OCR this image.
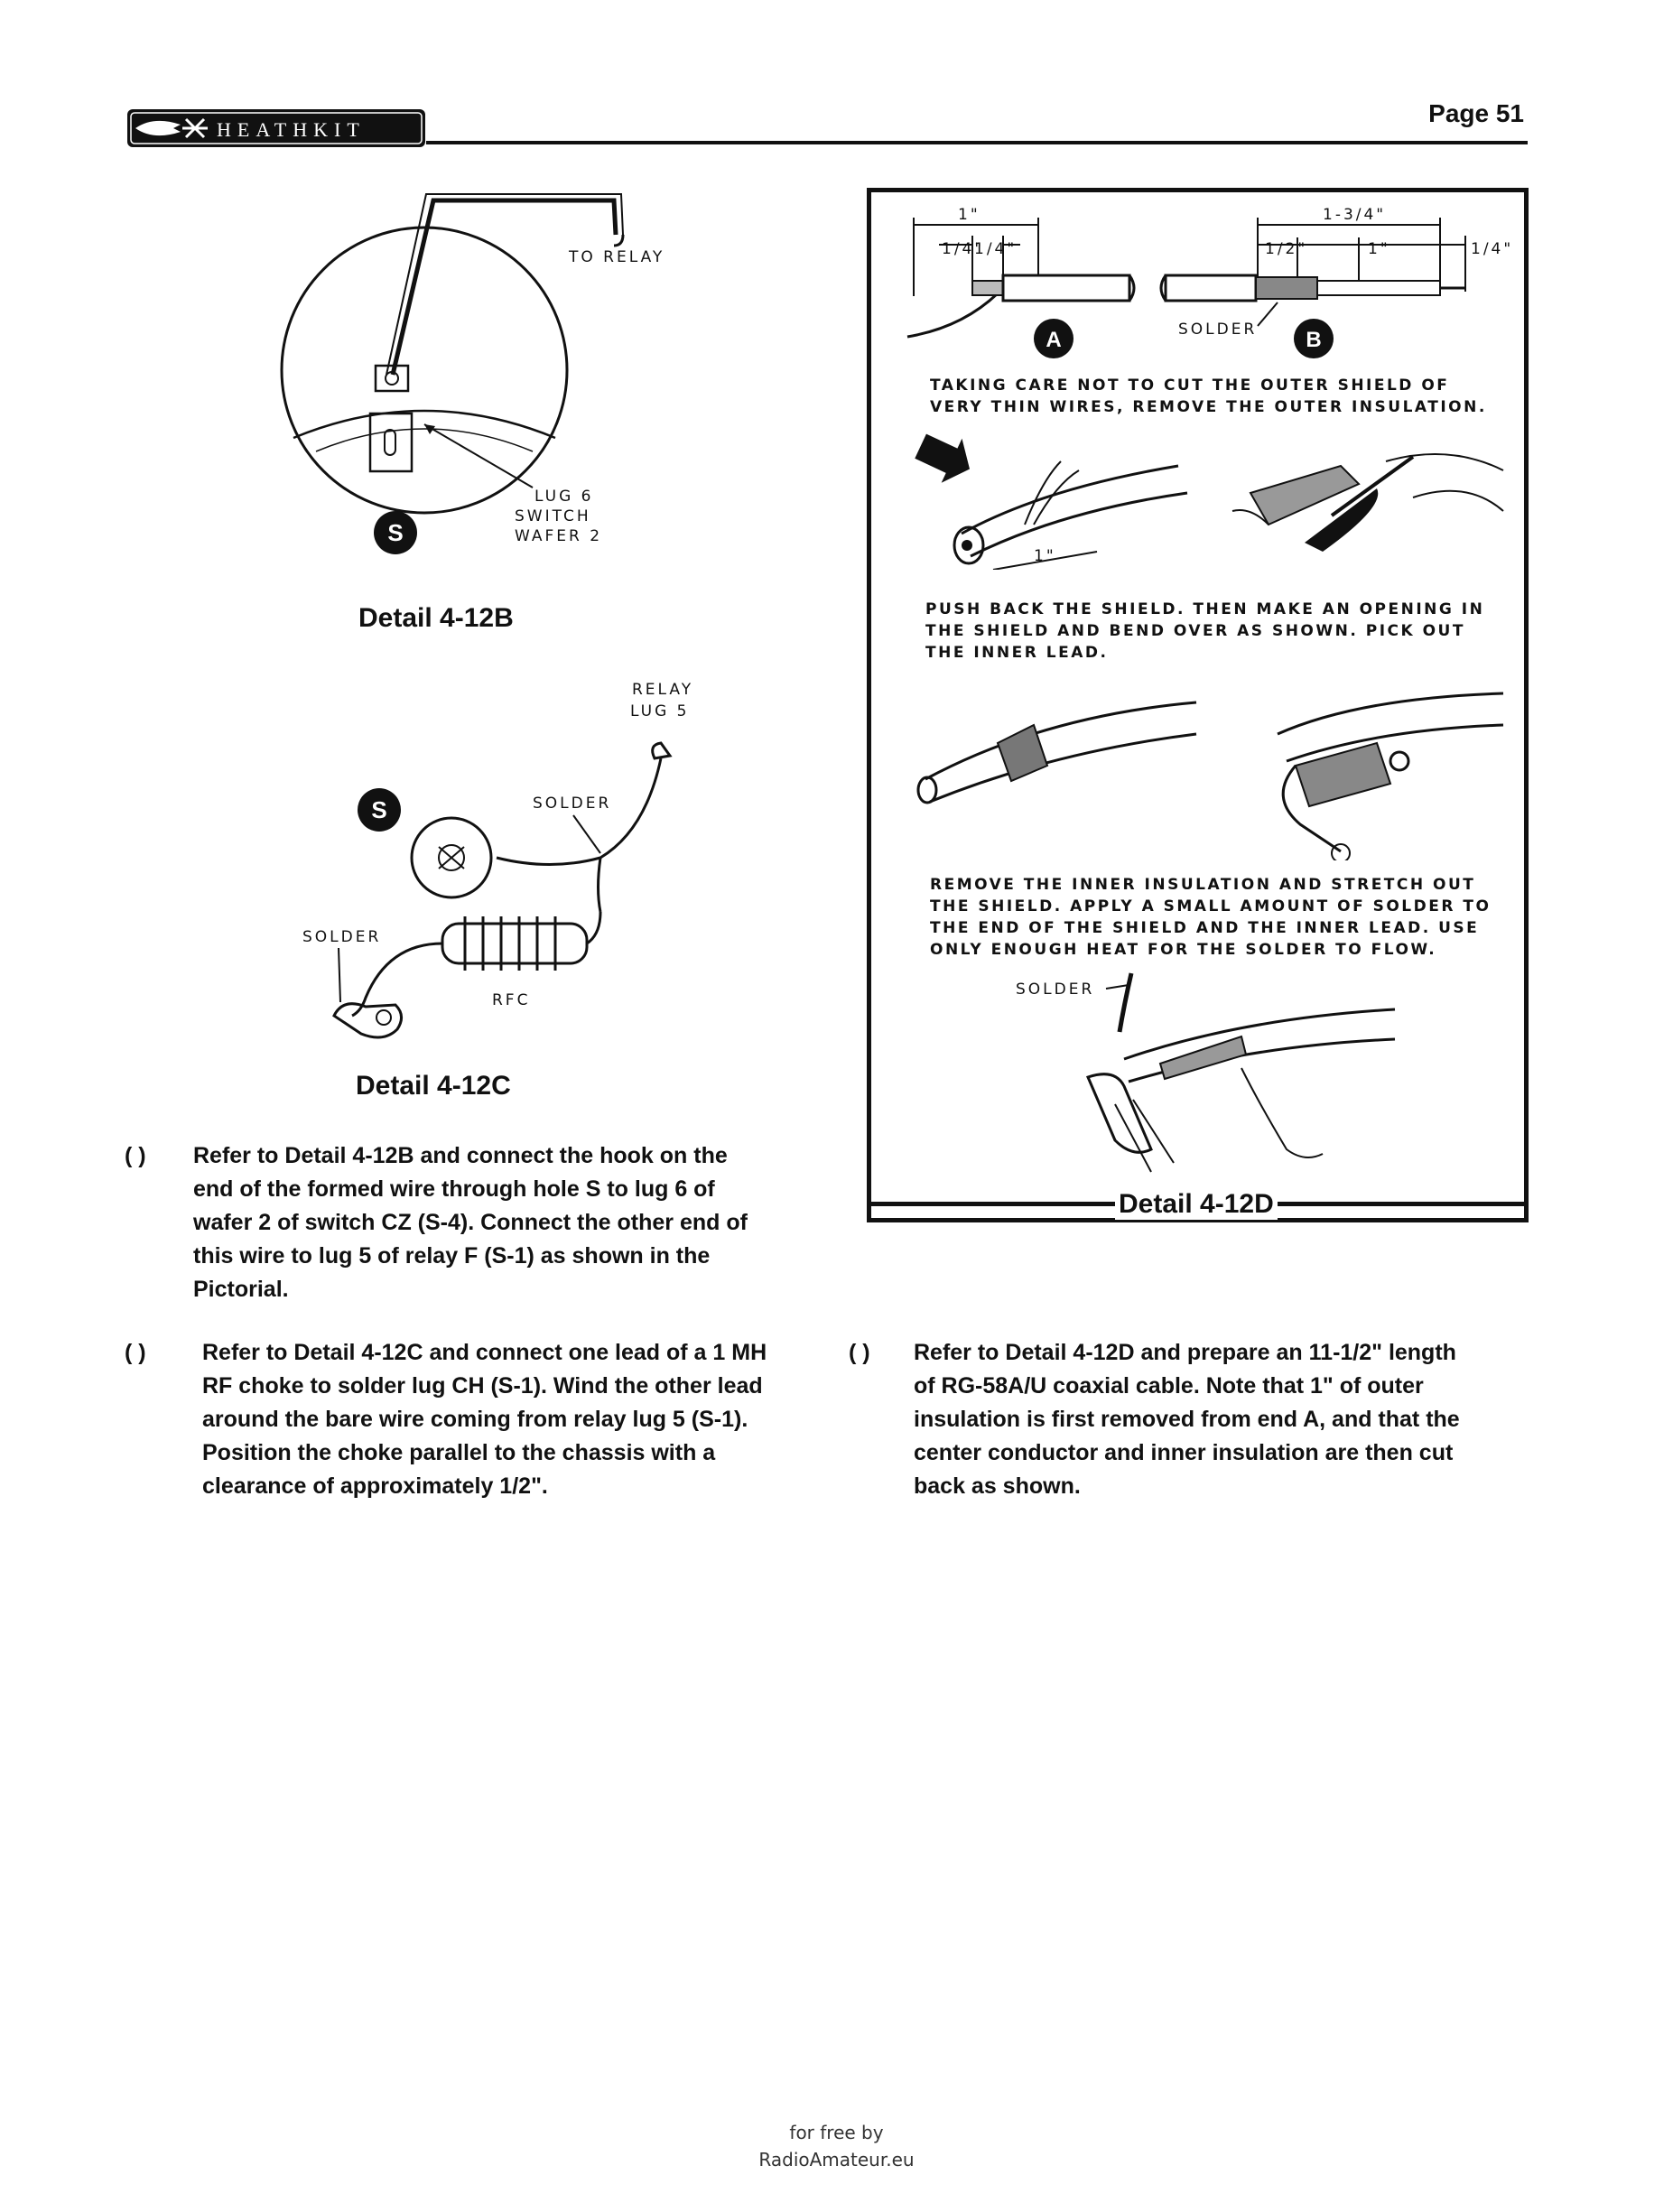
HEATHKIT
Page 51
TO RELAY
LUG 6
SWITCH
WAFER 2
S
Detail 4-12B
RELAY
LUG 5
SOLDER
S
SOLDER
RFC
Detail 4-12C
1"
1/4"
1/4"
1-3/4"
1/2"	1"	1/4"
A	SOLDER B
TAKING CARE NOT TO CUT THE OUTER SHIELD OF
VERY THIN WIRES, REMOVE THE OUTER INSULATION.
1"
PUSH BACK THE SHIELD. THEN MAKE AN OPENING IN
THE SHIELD AND BEND OVER AS SHOWN. PICK OUT
THE INNER LEAD.
REMOVE THE INNER INSULATION AND STRETCH OUT
THE SHIELD. APPLY A SMALL AMOUNT OF SOLDER TO
THE END OF THE SHIELD AND THE INNER LEAD. USE
ONLY ENOUGH HEAT FOR THE SOLDER TO FLOW.
SOLDER
Detail 4-12D
( ) Refer to Detail 4-12B and connect the hook on the
end of the formed wire through hole S to lug 6 of
wafer 2 of switch CZ (S-4). Connect the other end of
this wire to lug 5 of relay F (S-1) as shown in the
Pictorial.
( ) Refer to Detail 4-12C and connect one lead of a 1 MH
RF choke to solder lug CH (S-1). Wind the other lead
around the bare wire coming from relay lug 5 (S-1).
Position the choke parallel to the chassis with a
clearance of approximately 1/2".
( ) Refer to Detail 4-12D and prepare an 11-1/2" length
of RG-58A/U coaxial cable. Note that 1" of outer
insulation is first removed from end A, and that the
center conductor and inner insulation are then cut
back as shown.
for free by
RadioAmateur.eu
